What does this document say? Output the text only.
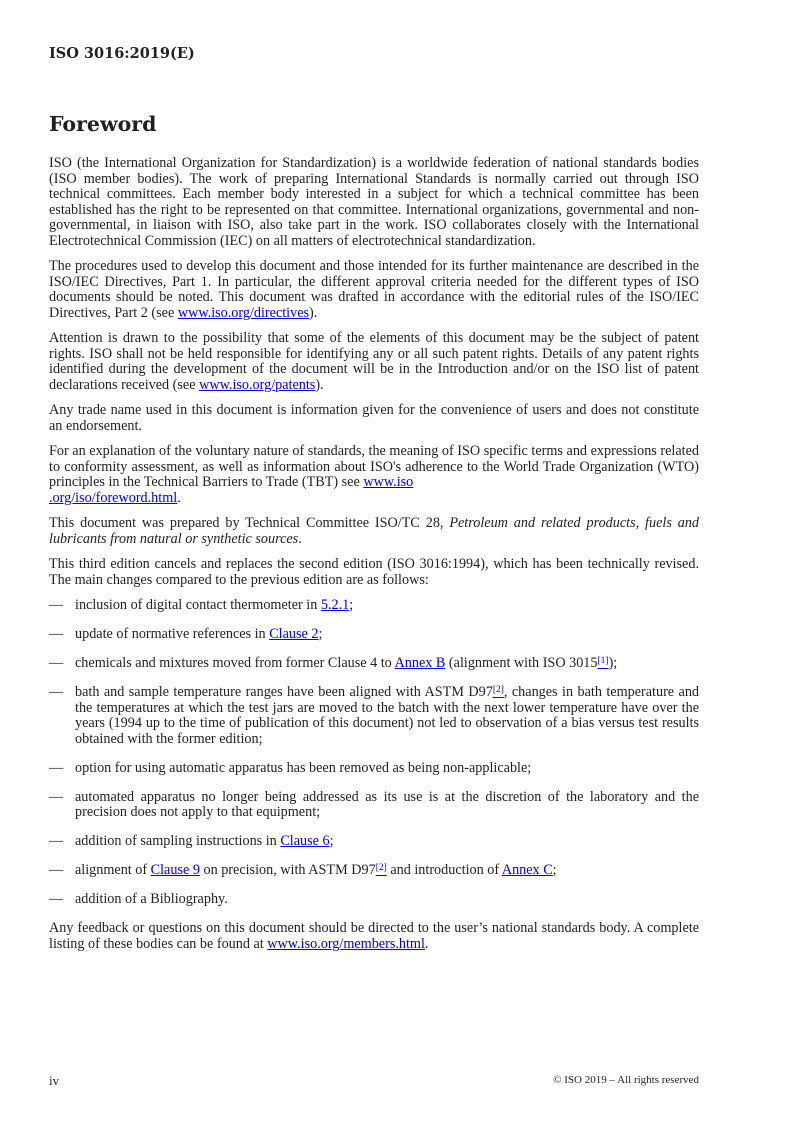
ISO 3016:2019(E)
Foreword

ISO (the International Organization for Standardization) is a worldwide federation of national standards bodies (ISO member bodies). The work of preparing International Standards is normally carried out through ISO technical committees. Each member body interested in a subject for which a technical committee has been established has the right to be represented on that committee. International organizations, governmental and non-governmental, in liaison with ISO, also take part in the work. ISO collaborates closely with the International Electrotechnical Commission (IEC) on all matters of electrotechnical standardization.

The procedures used to develop this document and those intended for its further maintenance are described in the ISO/IEC Directives, Part 1. In particular, the different approval criteria needed for the different types of ISO documents should be noted. This document was drafted in accordance with the editorial rules of the ISO/IEC Directives, Part 2 (see www.iso.org/directives).

Attention is drawn to the possibility that some of the elements of this document may be the subject of patent rights. ISO shall not be held responsible for identifying any or all such patent rights. Details of any patent rights identified during the development of the document will be in the Introduction and/or on the ISO list of patent declarations received (see www.iso.org/patents).

Any trade name used in this document is information given for the convenience of users and does not constitute an endorsement.

For an explanation of the voluntary nature of standards, the meaning of ISO specific terms and expressions related to conformity assessment, as well as information about ISO's adherence to the World Trade Organization (WTO) principles in the Technical Barriers to Trade (TBT) see www.iso
.org/iso/foreword.html.

This document was prepared by Technical Committee ISO/TC 28, Petroleum and related products, fuels and lubricants from natural or synthetic sources.

This third edition cancels and replaces the second edition (ISO 3016:1994), which has been technically revised. The main changes compared to the previous edition are as follows:

— inclusion of digital contact thermometer in 5.2.1;
— update of normative references in Clause 2;
— chemicals and mixtures moved from former Clause 4 to Annex B (alignment with ISO 3015[1]);
— bath and sample temperature ranges have been aligned with ASTM D97[2], changes in bath temperature and the temperatures at which the test jars are moved to the batch with the next lower temperature have over the years (1994 up to the time of publication of this document) not led to observation of a bias versus test results obtained with the former edition;
— option for using automatic apparatus has been removed as being non-applicable;
— automated apparatus no longer being addressed as its use is at the discretion of the laboratory and the precision does not apply to that equipment;
— addition of sampling instructions in Clause 6;
— alignment of Clause 9 on precision, with ASTM D97[2] and introduction of Annex C;
— addition of a Bibliography.

Any feedback or questions on this document should be directed to the user’s national standards body. A complete listing of these bodies can be found at www.iso.org/members.html.

iv	© ISO 2019 – All rights reserved
